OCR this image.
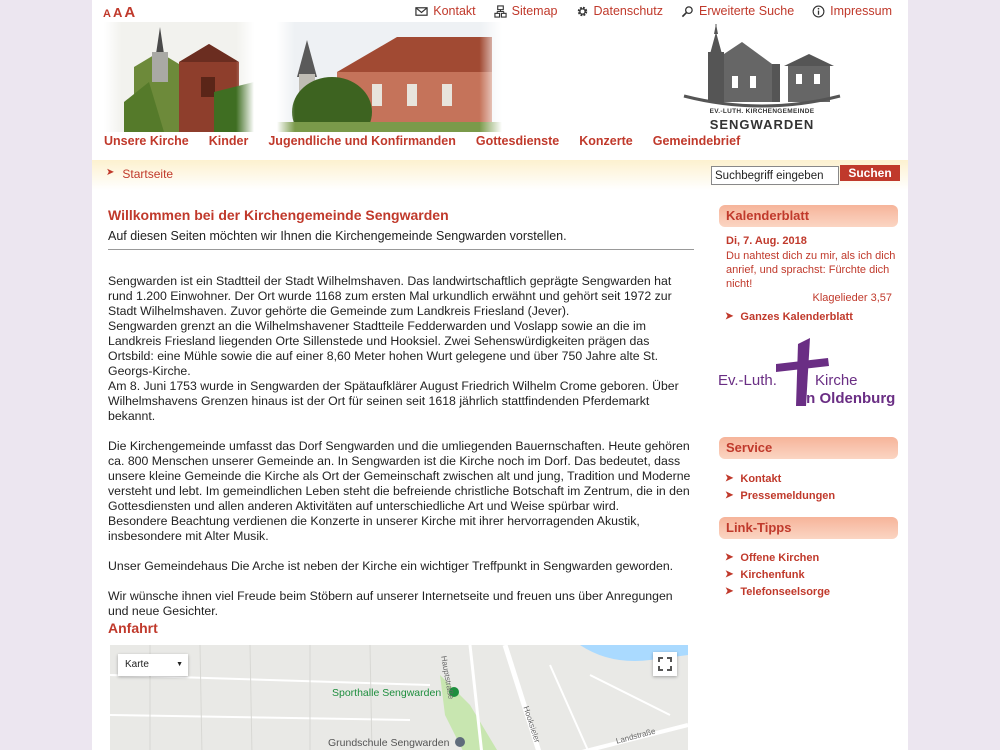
A A A	Kontakt	Sitemap	Datenschutz	Erweiterte Suche	Impressum
EV.-LUTH. KIRCHENGEMEINDE
SENGWARDEN
Unsere Kirche Kinder Jugendliche und Konfirmanden Gottesdienste Konzerte Gemeindebrief
➤ Startseite
Suchbegriff eingeben	Suchen
Willkommen bei der Kirchengemeinde Sengwarden
Auf diesen Seiten möchten wir Ihnen die Kirchengemeinde Sengwarden vorstellen.

Sengwarden ist ein Stadtteil der Stadt Wilhelmshaven. Das landwirtschaftlich geprägte Sengwarden hat rund 1.200 Einwohner. Der Ort wurde 1168 zum ersten Mal urkundlich erwähnt und gehört seit 1972 zur Stadt Wilhelmshaven. Zuvor gehörte die Gemeinde zum Landkreis Friesland (Jever).
Sengwarden grenzt an die Wilhelmshavener Stadtteile Fedderwarden und Voslapp sowie an die im Landkreis Friesland liegenden Orte Sillenstede und Hooksiel. Zwei Sehenswürdigkeiten prägen das Ortsbild: eine Mühle sowie die auf einer 8,60 Meter hohen Wurt gelegene und über 750 Jahre alte St. Georgs-Kirche.
Am 8. Juni 1753 wurde in Sengwarden der Spätaufklärer August Friedrich Wilhelm Crome geboren. Über Wilhelmshavens Grenzen hinaus ist der Ort für seinen seit 1618 jährlich stattfindenden Pferdemarkt bekannt.

Die Kirchengemeinde umfasst das Dorf Sengwarden und die umliegenden Bauernschaften. Heute gehören ca. 800 Menschen unserer Gemeinde an. In Sengwarden ist die Kirche noch im Dorf. Das bedeutet, dass unsere kleine Gemeinde die Kirche als Ort der Gemeinschaft zwischen alt und jung, Tradition und Moderne versteht und lebt. Im gemeindlichen Leben steht die befreiende christliche Botschaft im Zentrum, die in den Gottesdiensten und allen anderen Aktivitäten auf unterschiedliche Art und Weise spürbar wird.
Besondere Beachtung verdienen die Konzerte in unserer Kirche mit ihrer hervorragenden Akustik, insbesondere mit Alter Musik.

Unser Gemeindehaus Die Arche ist neben der Kirche ein wichtiger Treffpunkt in Sengwarden geworden.

Wir wünsche ihnen viel Freude beim Stöbern auf unserer Internetseite und freuen uns über Anregungen und neue Gesichter.

Anfahrt
Karte	▼
Sporthalle Sengwarden
Grundschule Sengwarden
Hauptstraße
Hooksieler	Landstraße
Kalenderblatt
Di, 7. Aug. 2018
Du nahtest dich zu mir, als ich dich anrief, und sprachst: Fürchte dich nicht!
Klagelieder 3,57
➤ Ganzes Kalenderblatt
Ev.-Luth.	Kirche
in Oldenburg
Service
➤ Kontakt
➤ Pressemeldungen
Link-Tipps
➤ Offene Kirchen
➤ Kirchenfunk
➤ Telefonseelsorge
